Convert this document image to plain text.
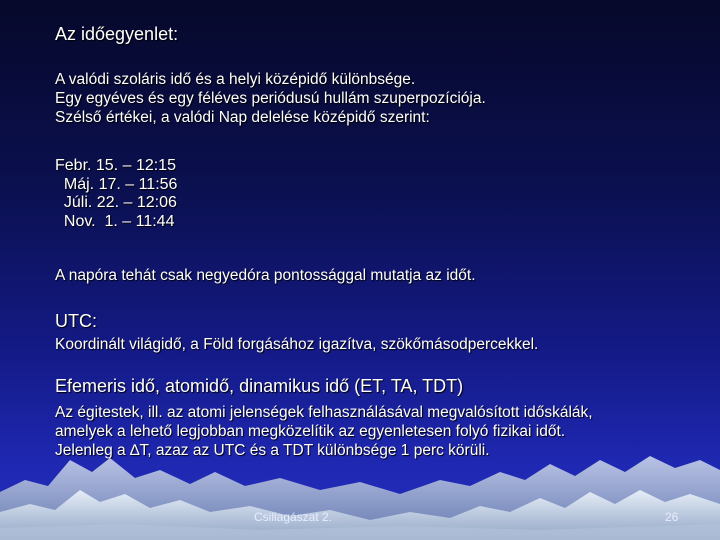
Az időegyenlet:

A valódi szoláris idő és a helyi középidő különbsége.
Egy egyéves és egy féléves periódusú hullám szuperpozíciója.
Szélső értékei, a valódi Nap delelése középidő szerint:
Febr. 15. – 12:15
Máj. 17. – 11:56
Júli. 22. – 12:06
Nov.  1. – 11:44

A napóra tehát csak negyedóra pontossággal mutatja az időt.

UTC:

Koordinált világidő, a Föld forgásához igazítva, szökőmásodpercekkel.

Efemeris idő, atomidő, dinamikus idő (ET, TA, TDT)

Az égitestek, ill. az atomi jelenségek felhasználásával megvalósított időskálák,
amelyek a lehető legjobban megközelítik az egyenletesen folyó fizikai időt.
Jelenleg a ∆T, azaz az UTC és a TDT különbsége 1 perc körüli.
Csillagászat 2.	26
